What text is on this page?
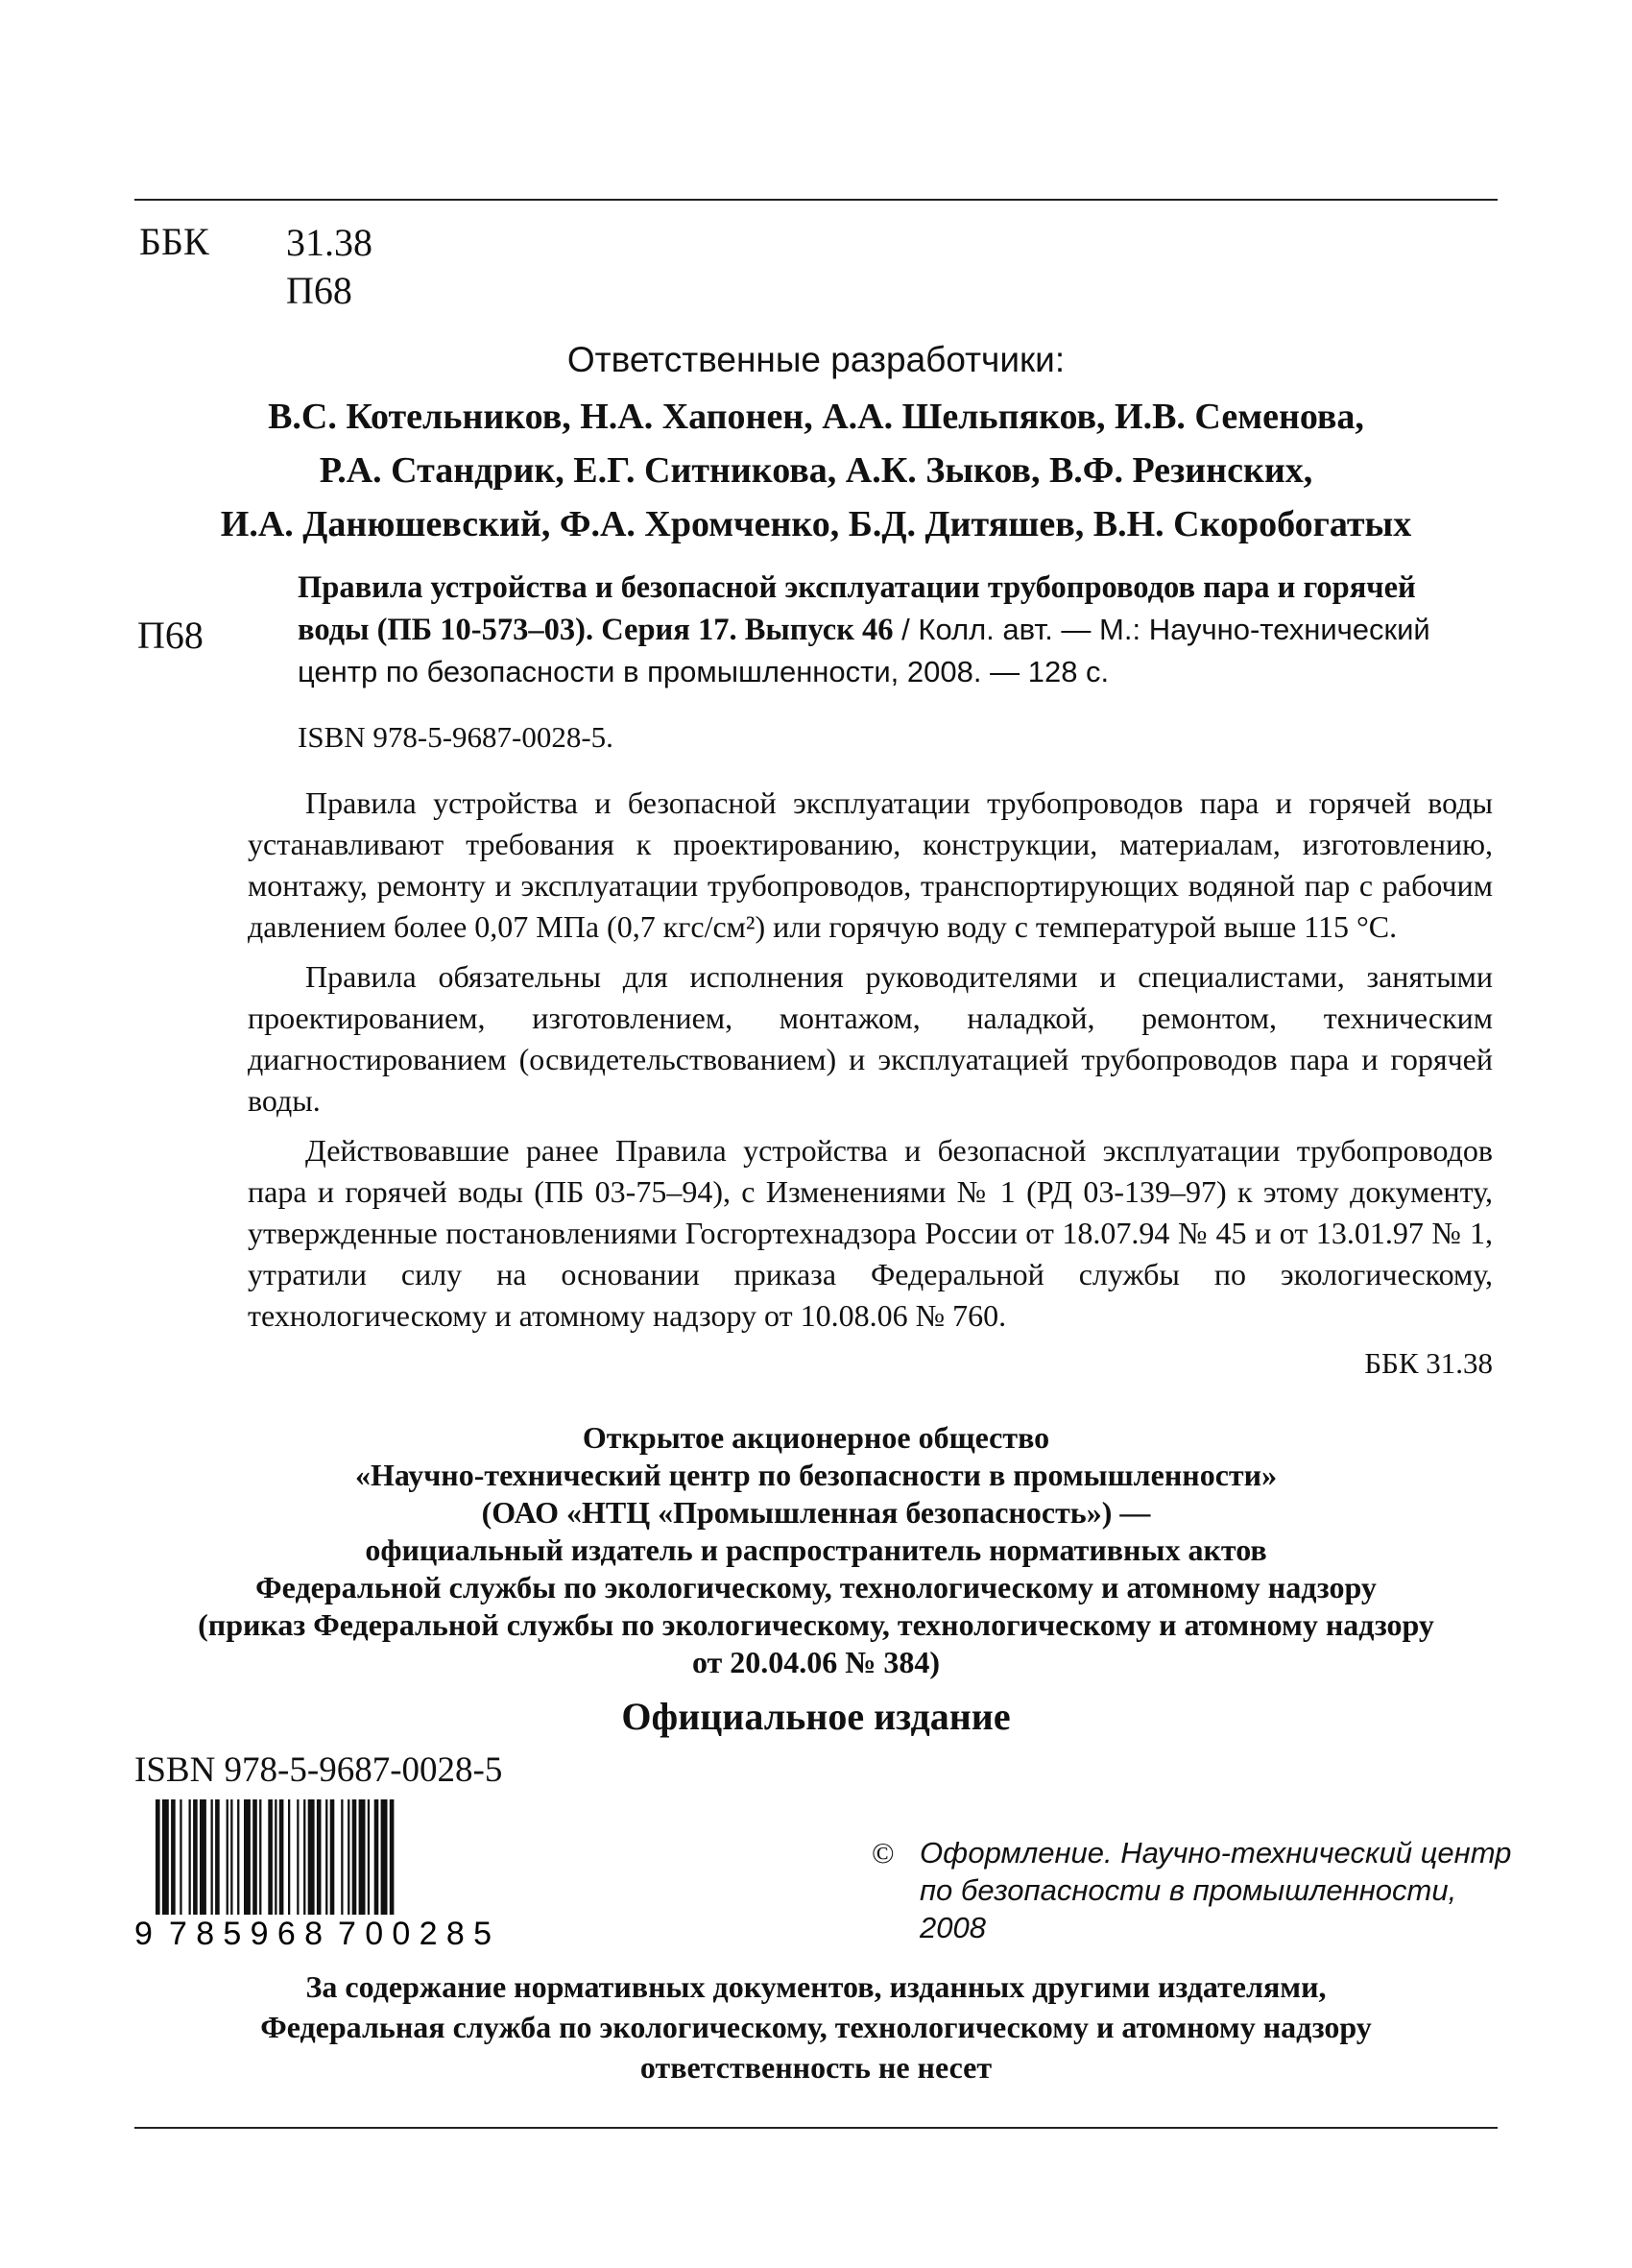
ББК 31.38
П68
Ответственные разработчики:
В.С. Котельников, Н.А. Хапонен, А.А. Шельпяков, И.В. Семенова,
Р.А. Стандрик, Е.Г. Ситникова, А.К. Зыков, В.Ф. Резинских,
И.А. Данюшевский, Ф.А. Хромченко, Б.Д. Дитяшев, В.Н. Скоробогатых
П68
Правила устройства и безопасной эксплуатации трубопроводов пара и горячей воды (ПБ 10-573–03). Серия 17. Выпуск 46 / Колл. авт. — М.: Научно-технический центр по безопасности в промышленности, 2008. — 128 с.
ISBN 978-5-9687-0028-5.

Правила устройства и безопасной эксплуатации трубопроводов пара и горячей воды устанавливают требования к проектированию, конструкции, материалам, изготовлению, монтажу, ремонту и эксплуатации трубопроводов, транспортирующих водяной пар с рабочим давлением более 0,07 МПа (0,7 кгс/см²) или горячую воду с температурой выше 115 °С.

Правила обязательны для исполнения руководителями и специалистами, занятыми проектированием, изготовлением, монтажом, наладкой, ремонтом, техническим диагностированием (освидетельствованием) и эксплуатацией трубопроводов пара и горячей воды.

Действовавшие ранее Правила устройства и безопасной эксплуатации трубопроводов пара и горячей воды (ПБ 03-75–94), с Изменениями № 1 (РД 03-139–97) к этому документу, утвержденные постановлениями Госгортехнадзора России от 18.07.94 № 45 и от 13.01.97 № 1, утратили силу на основании приказа Федеральной службы по экологическому, технологическому и атомному надзору от 10.08.06 № 760.

ББК 31.38
Открытое акционерное общество
«Научно-технический центр по безопасности в промышленности»
(ОАО «НТЦ «Промышленная безопасность») —
официальный издатель и распространитель нормативных актов
Федеральной службы по экологическому, технологическому и атомному надзору
(приказ Федеральной службы по экологическому, технологическому и атомному надзору
от 20.04.06 № 384)
Официальное издание
ISBN 978-5-9687-0028-5
9 785968 700285
© Оформление. Научно-технический центр
по безопасности в промышленности,
2008
За содержание нормативных документов, изданных другими издателями,
Федеральная служба по экологическому, технологическому и атомному надзору
ответственность не несет
